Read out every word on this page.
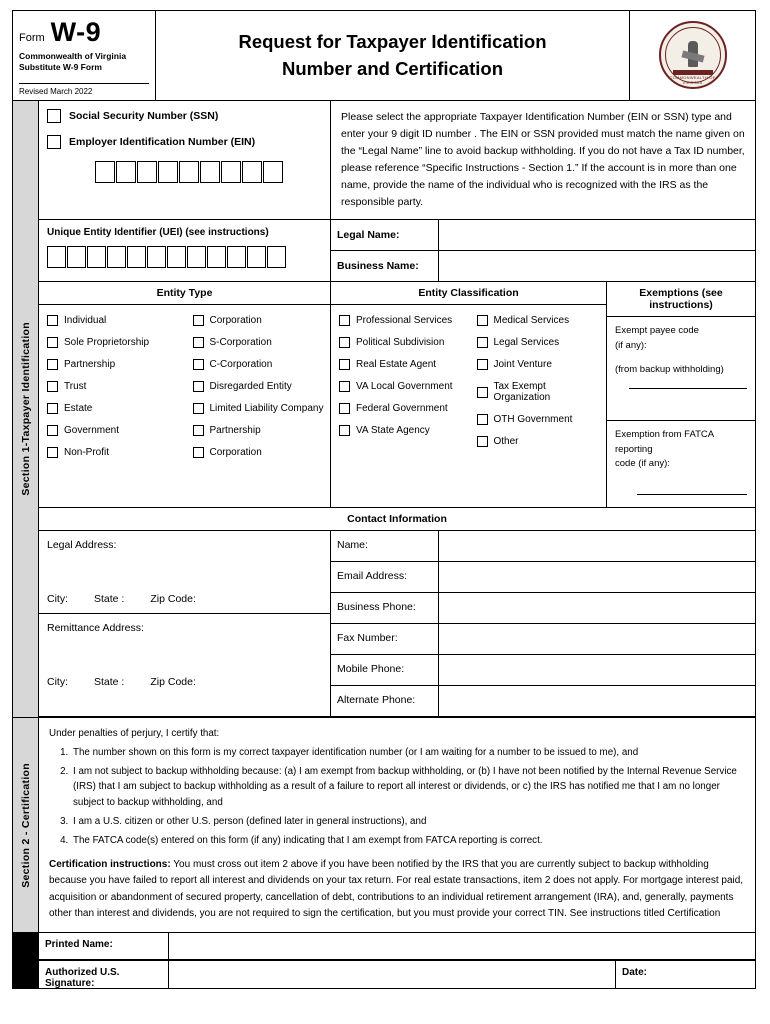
Form W-9
Commonwealth of Virginia
Substitute W-9 Form
Revised March 2022
Request for Taxpayer Identification
Number and Certification	COMMONWEALTH OF VIRGINIA
Section 1-Taxpayer Identification
Social Security Number (SSN)
Employer Identification Number (EIN)
Please select the appropriate Taxpayer Identification Number (EIN or SSN) type and enter your 9 digit ID number . The EIN or SSN provided must match the name given on the “Legal Name” line to avoid backup withholding. If you do not have a Tax ID number, please reference “Specific Instructions - Section 1.” If the account is in more than one name, provide the name of the individual who is recognized with the IRS as the responsible party.
Unique Entity Identifier (UEI) (see instructions)	Legal Name:
Business Name:
Entity Type
Individual
Sole Proprietorship
Partnership
Trust
Estate
Government
Non-Profit
Corporation
S-Corporation
C-Corporation
Disregarded Entity
Limited Liability Company
Partnership
Corporation
Entity Classification
Professional Services
Political Subdivision
Real Estate Agent
VA Local Government
Federal Government
VA State Agency
Medical Services
Legal Services
Joint Venture
Tax Exempt Organization
OTH Government
Other
Exemptions (see instructions)
Exempt payee code
(if any):
(from backup withholding)
Exemption from FATCA reporting
code (if any):
Contact Information
Legal Address:
City: State : Zip Code:
Remittance Address:
City: State : Zip Code:
Name:
Email Address:
Business Phone:
Fax Number:
Mobile Phone:
Alternate Phone:
Section 2 - Certification
Under penalties of perjury, I certify that:
1. The number shown on this form is my correct taxpayer identification number (or I am waiting for a number to be issued to me), and
2. I am not subject to backup withholding because: (a) I am exempt from backup withholding, or (b) I have not been notified by the Internal Revenue Service (IRS) that I am subject to backup withholding as a result of a failure to report all interest or dividends, or c) the IRS has notified me that I am no longer subject to backup withholding, and
3. I am a U.S. citizen or other U.S. person (defined later in general instructions), and
4. The FATCA code(s) entered on this form (if any) indicating that I am exempt from FATCA reporting is correct.
Certification instructions: You must cross out item 2 above if you have been notified by the IRS that you are currently subject to backup withholding because you have failed to report all interest and dividends on your tax return. For real estate transactions, item 2 does not apply. For mortgage interest paid, acquisition or abandonment of secured property, cancellation of debt, contributions to an individual retirement arrangement (IRA), and, generally, payments other than interest and dividends, you are not required to sign the certification, but you must provide your correct TIN. See instructions titled Certification
Printed Name:
Authorized U.S. Signature:
Date:
